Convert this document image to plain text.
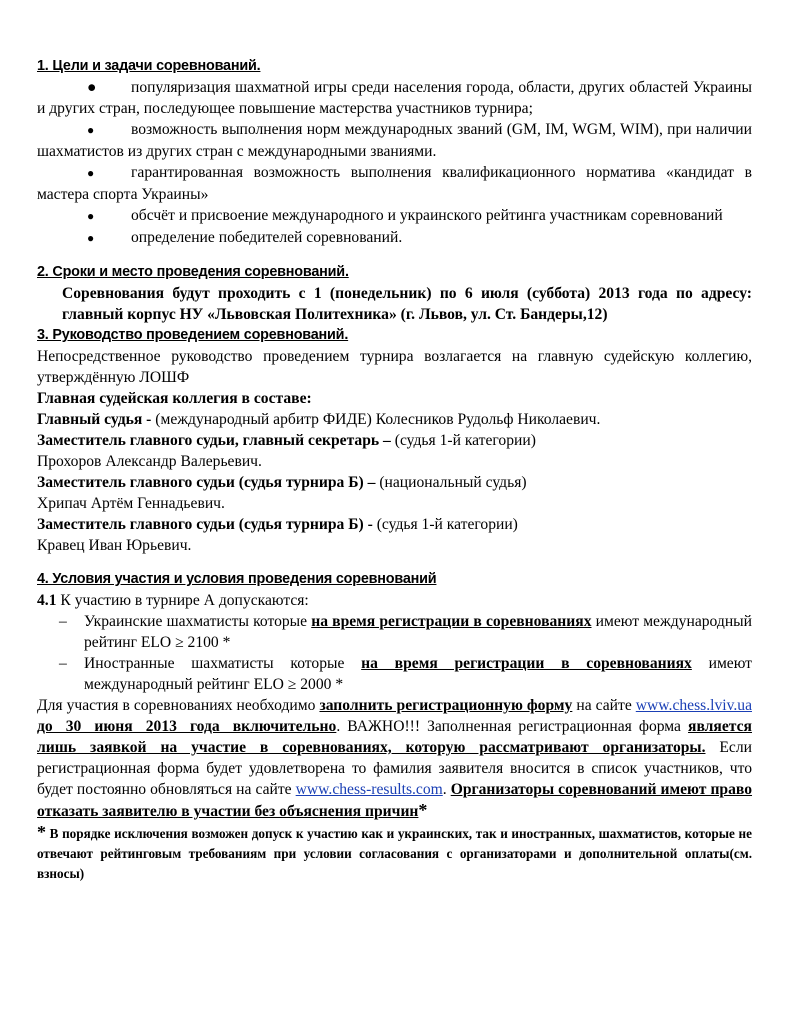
1. Цели и задачи соревнований.
● популяризация шахматной игры среди населения города, области, других областей Украины и других стран, последующее повышение мастерства участников турнира;
● возможность выполнения норм международных званий (GM, IM, WGM, WIM), при наличии шахматистов из других стран с международными званиями.
● гарантированная возможность выполнения квалификационного норматива «кандидат в мастера спорта Украины»
● обсчёт и присвоение международного и украинского рейтинга участникам соревнований
● определение победителей соревнований.
2. Сроки и место проведения соревнований.
Соревнования будут проходить с 1 (понедельник) по 6 июля (суббота) 2013 года по адресу: главный корпус НУ «Львовская Политехника» (г. Львов, ул. Ст. Бандеры,12)
3. Руководство проведением соревнований.
Непосредственное руководство проведением турнира возлагается на главную судейскую коллегию, утверждённую ЛОШФ
Главная судейская коллегия в составе:
Главный судья - (международный арбитр ФИДЕ) Колесников Рудольф Николаевич.
Заместитель главного судьи, главный секретарь – (судья 1-й категории)
Прохоров Александр Валерьевич.
Заместитель главного судьи (судья турнира Б) – (национальный судья)
Хрипач Артём Геннадьевич.
Заместитель главного судьи (судья турнира Б) - (судья 1-й категории)
Кравец Иван Юрьевич.
4. Условия участия и условия проведения соревнований
4.1 К участию в турнире А допускаются:
– Украинские шахматисты которые на время регистрации в соревнованиях имеют международный рейтинг ELO ≥ 2100 *
– Иностранные шахматисты которые на время регистрации в соревнованиях имеют международный рейтинг ELO ≥ 2000 *
Для участия в соревнованиях необходимо заполнить регистрационную форму на сайте www.chess.lviv.ua до 30 июня 2013 года включительно. ВАЖНО!!! Заполненная регистрационная форма является лишь заявкой на участие в соревнованиях, которую рассматривают организаторы. Если регистрационная форма будет удовлетворена то фамилия заявителя вносится в список участников, что будет постоянно обновляться на сайте www.chess-results.com. Организаторы соревнований имеют право отказать заявителю в участии без объяснения причин*
* В порядке исключения возможен допуск к участию как и украинских, так и иностранных, шахматистов, которые не отвечают рейтинговым требованиям при условии согласования с организаторами и дополнительной оплаты(см. взносы)
